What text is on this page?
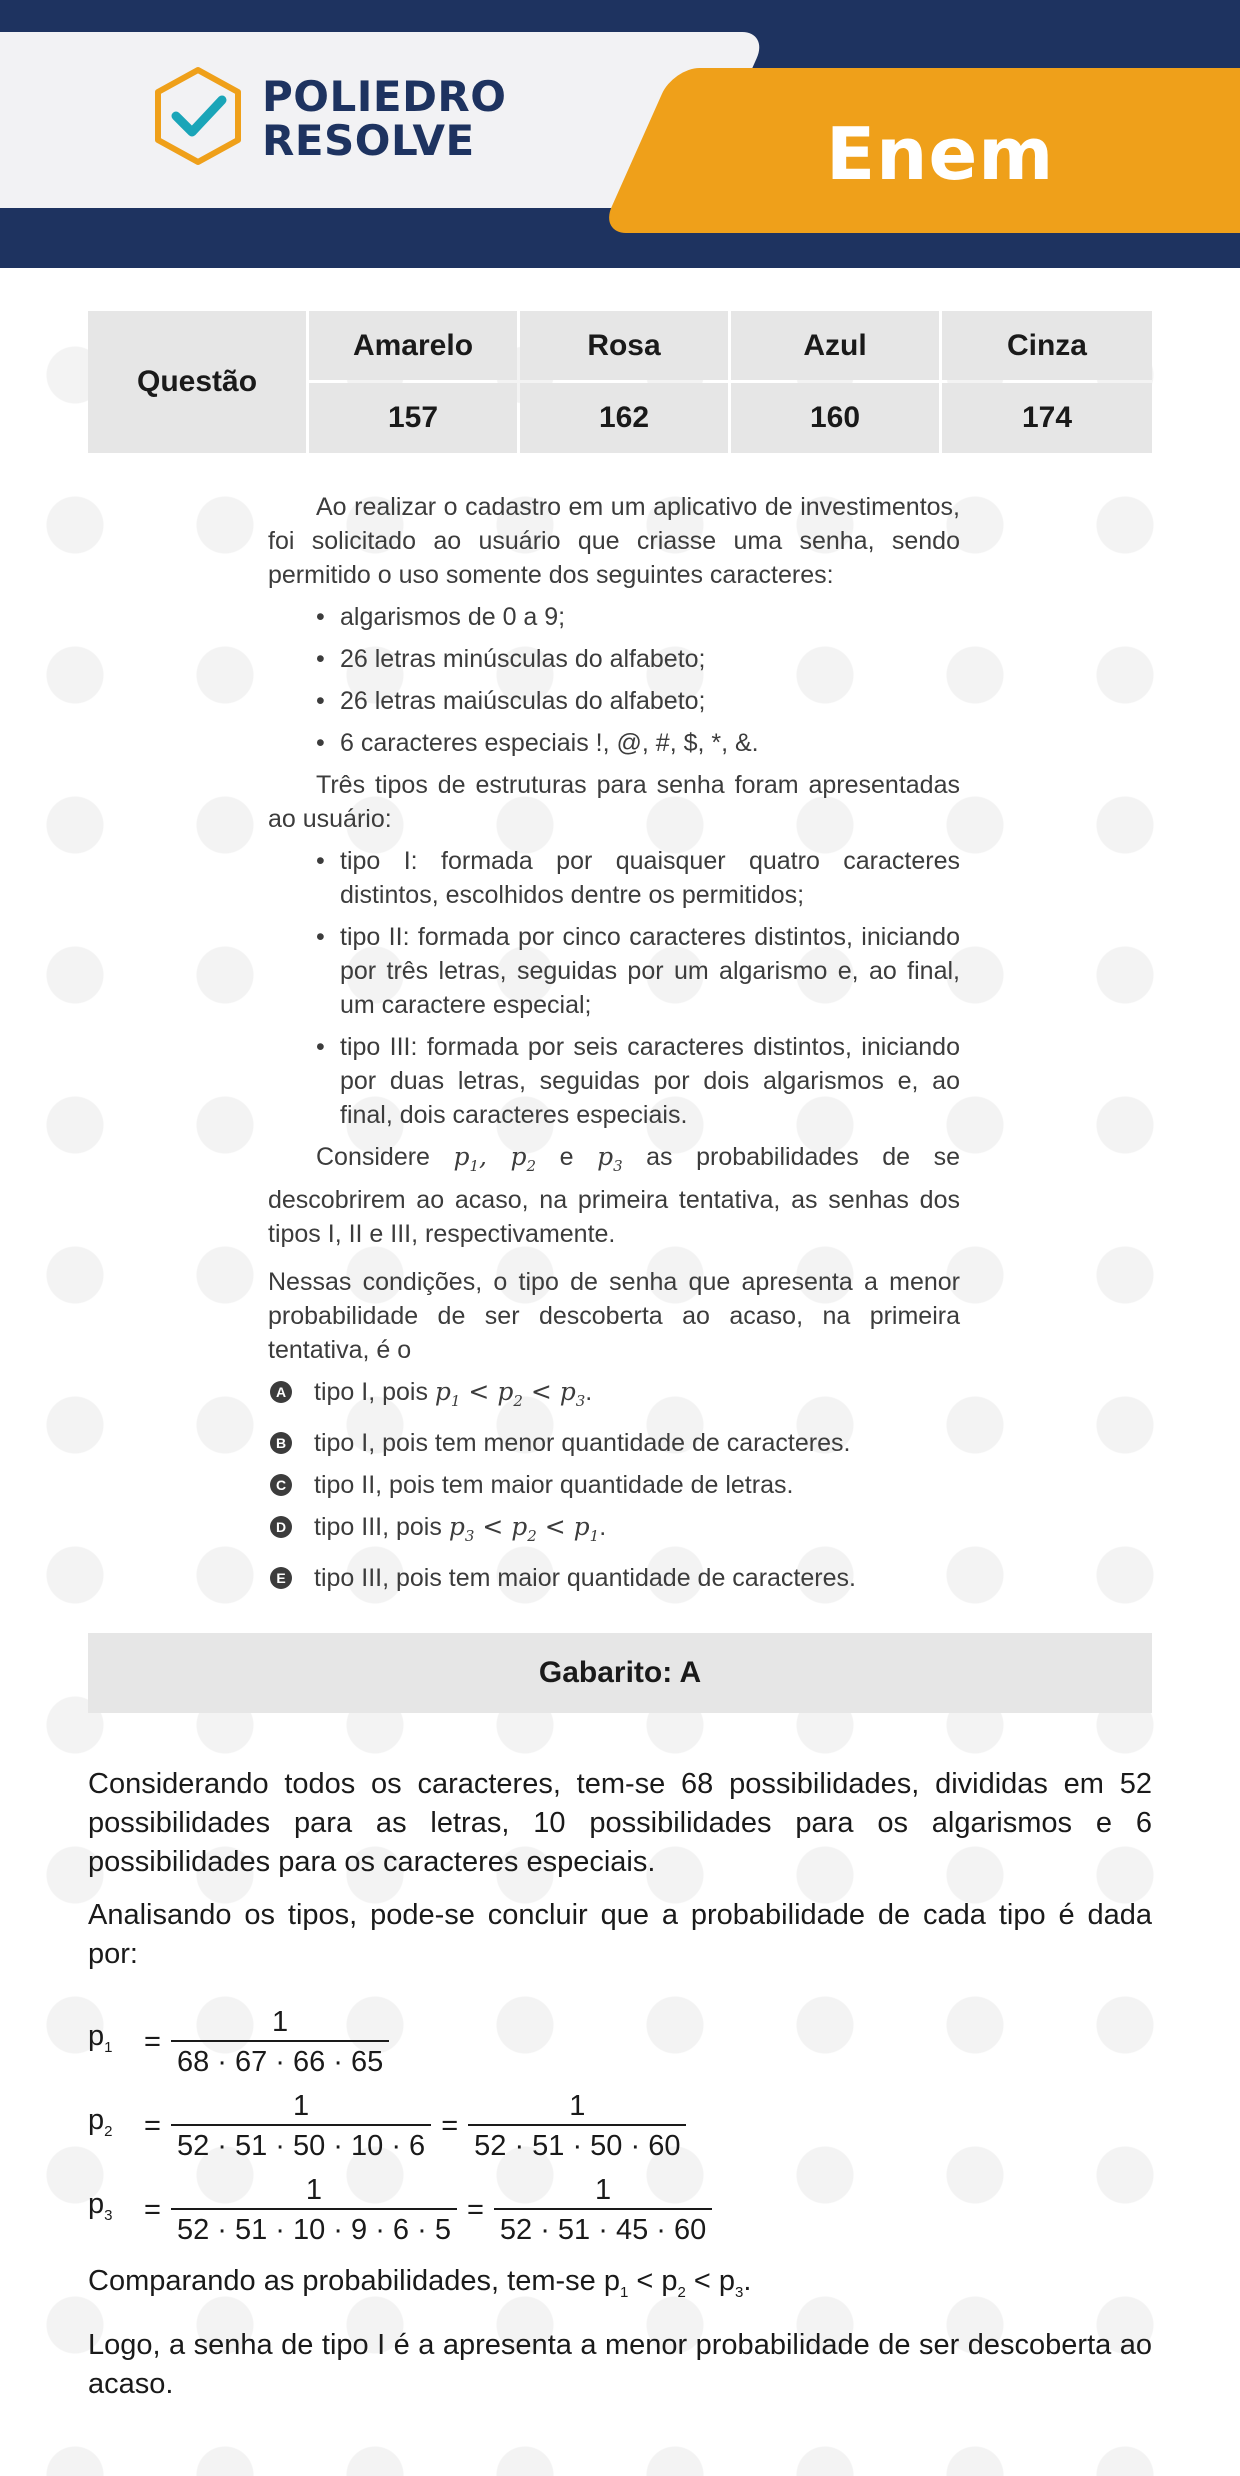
POLIEDRO
RESOLVE	Enem
Questão
Amarelo	Rosa	Azul	Cinza
157	162	160	174

Ao realizar o cadastro em um aplicativo de investimentos, foi solicitado ao usuário que criasse uma senha, sendo permitido o uso somente dos seguintes caracteres:

• algarismos de 0 a 9;
• 26 letras minúsculas do alfabeto;
• 26 letras maiúsculas do alfabeto;
• 6 caracteres especiais !, @, #, $, *, &.

Três tipos de estruturas para senha foram apresentadas ao usuário:

• tipo I: formada por quaisquer quatro caracteres distintos, escolhidos dentre os permitidos;
• tipo II: formada por cinco caracteres distintos, iniciando por três letras, seguidas por um algarismo e, ao final, um caractere especial;
• tipo III: formada por seis caracteres distintos, iniciando por duas letras, seguidas por dois algarismos e, ao final, dois caracteres especiais.

Considere $p_1$, $p_2$ e $p_3$ as probabilidades de se descobrirem ao acaso, na primeira tentativa, as senhas dos tipos I, II e III, respectivamente.

Nessas condições, o tipo de senha que apresenta a menor probabilidade de ser descoberta ao acaso, na primeira tentativa, é o

A tipo I, pois $p_1 < p_2 < p_3$.
B tipo I, pois tem menor quantidade de caracteres.
C tipo II, pois tem maior quantidade de letras.
D tipo III, pois $p_3 < p_2 < p_1$.
E tipo III, pois tem maior quantidade de caracteres.
Gabarito: A

Considerando todos os caracteres, tem-se 68 possibilidades, divididas em 52 possibilidades para as letras, 10 possibilidades para os algarismos e 6 possibilidades para os caracteres especiais.

Analisando os tipos, pode-se concluir que a probabilidade de cada tipo é dada por:

$p_1$	= $\frac{1}{68 \cdot 67 \cdot 66 \cdot 65}$
$p_2$	= $\frac{1}{52 \cdot 51 \cdot 50 \cdot 10 \cdot 6} = \frac{1}{52 \cdot 51 \cdot 50 \cdot 60}$
$p_3$	= $\frac{1}{52 \cdot 51 \cdot 10 \cdot 9 \cdot 6 \cdot 5} = \frac{1}{52 \cdot 51 \cdot 45 \cdot 60}$

Comparando as probabilidades, tem-se $p_1 < p_2 < p_3$.

Logo, a senha de tipo I é a apresenta a menor probabilidade de ser descoberta ao acaso.
